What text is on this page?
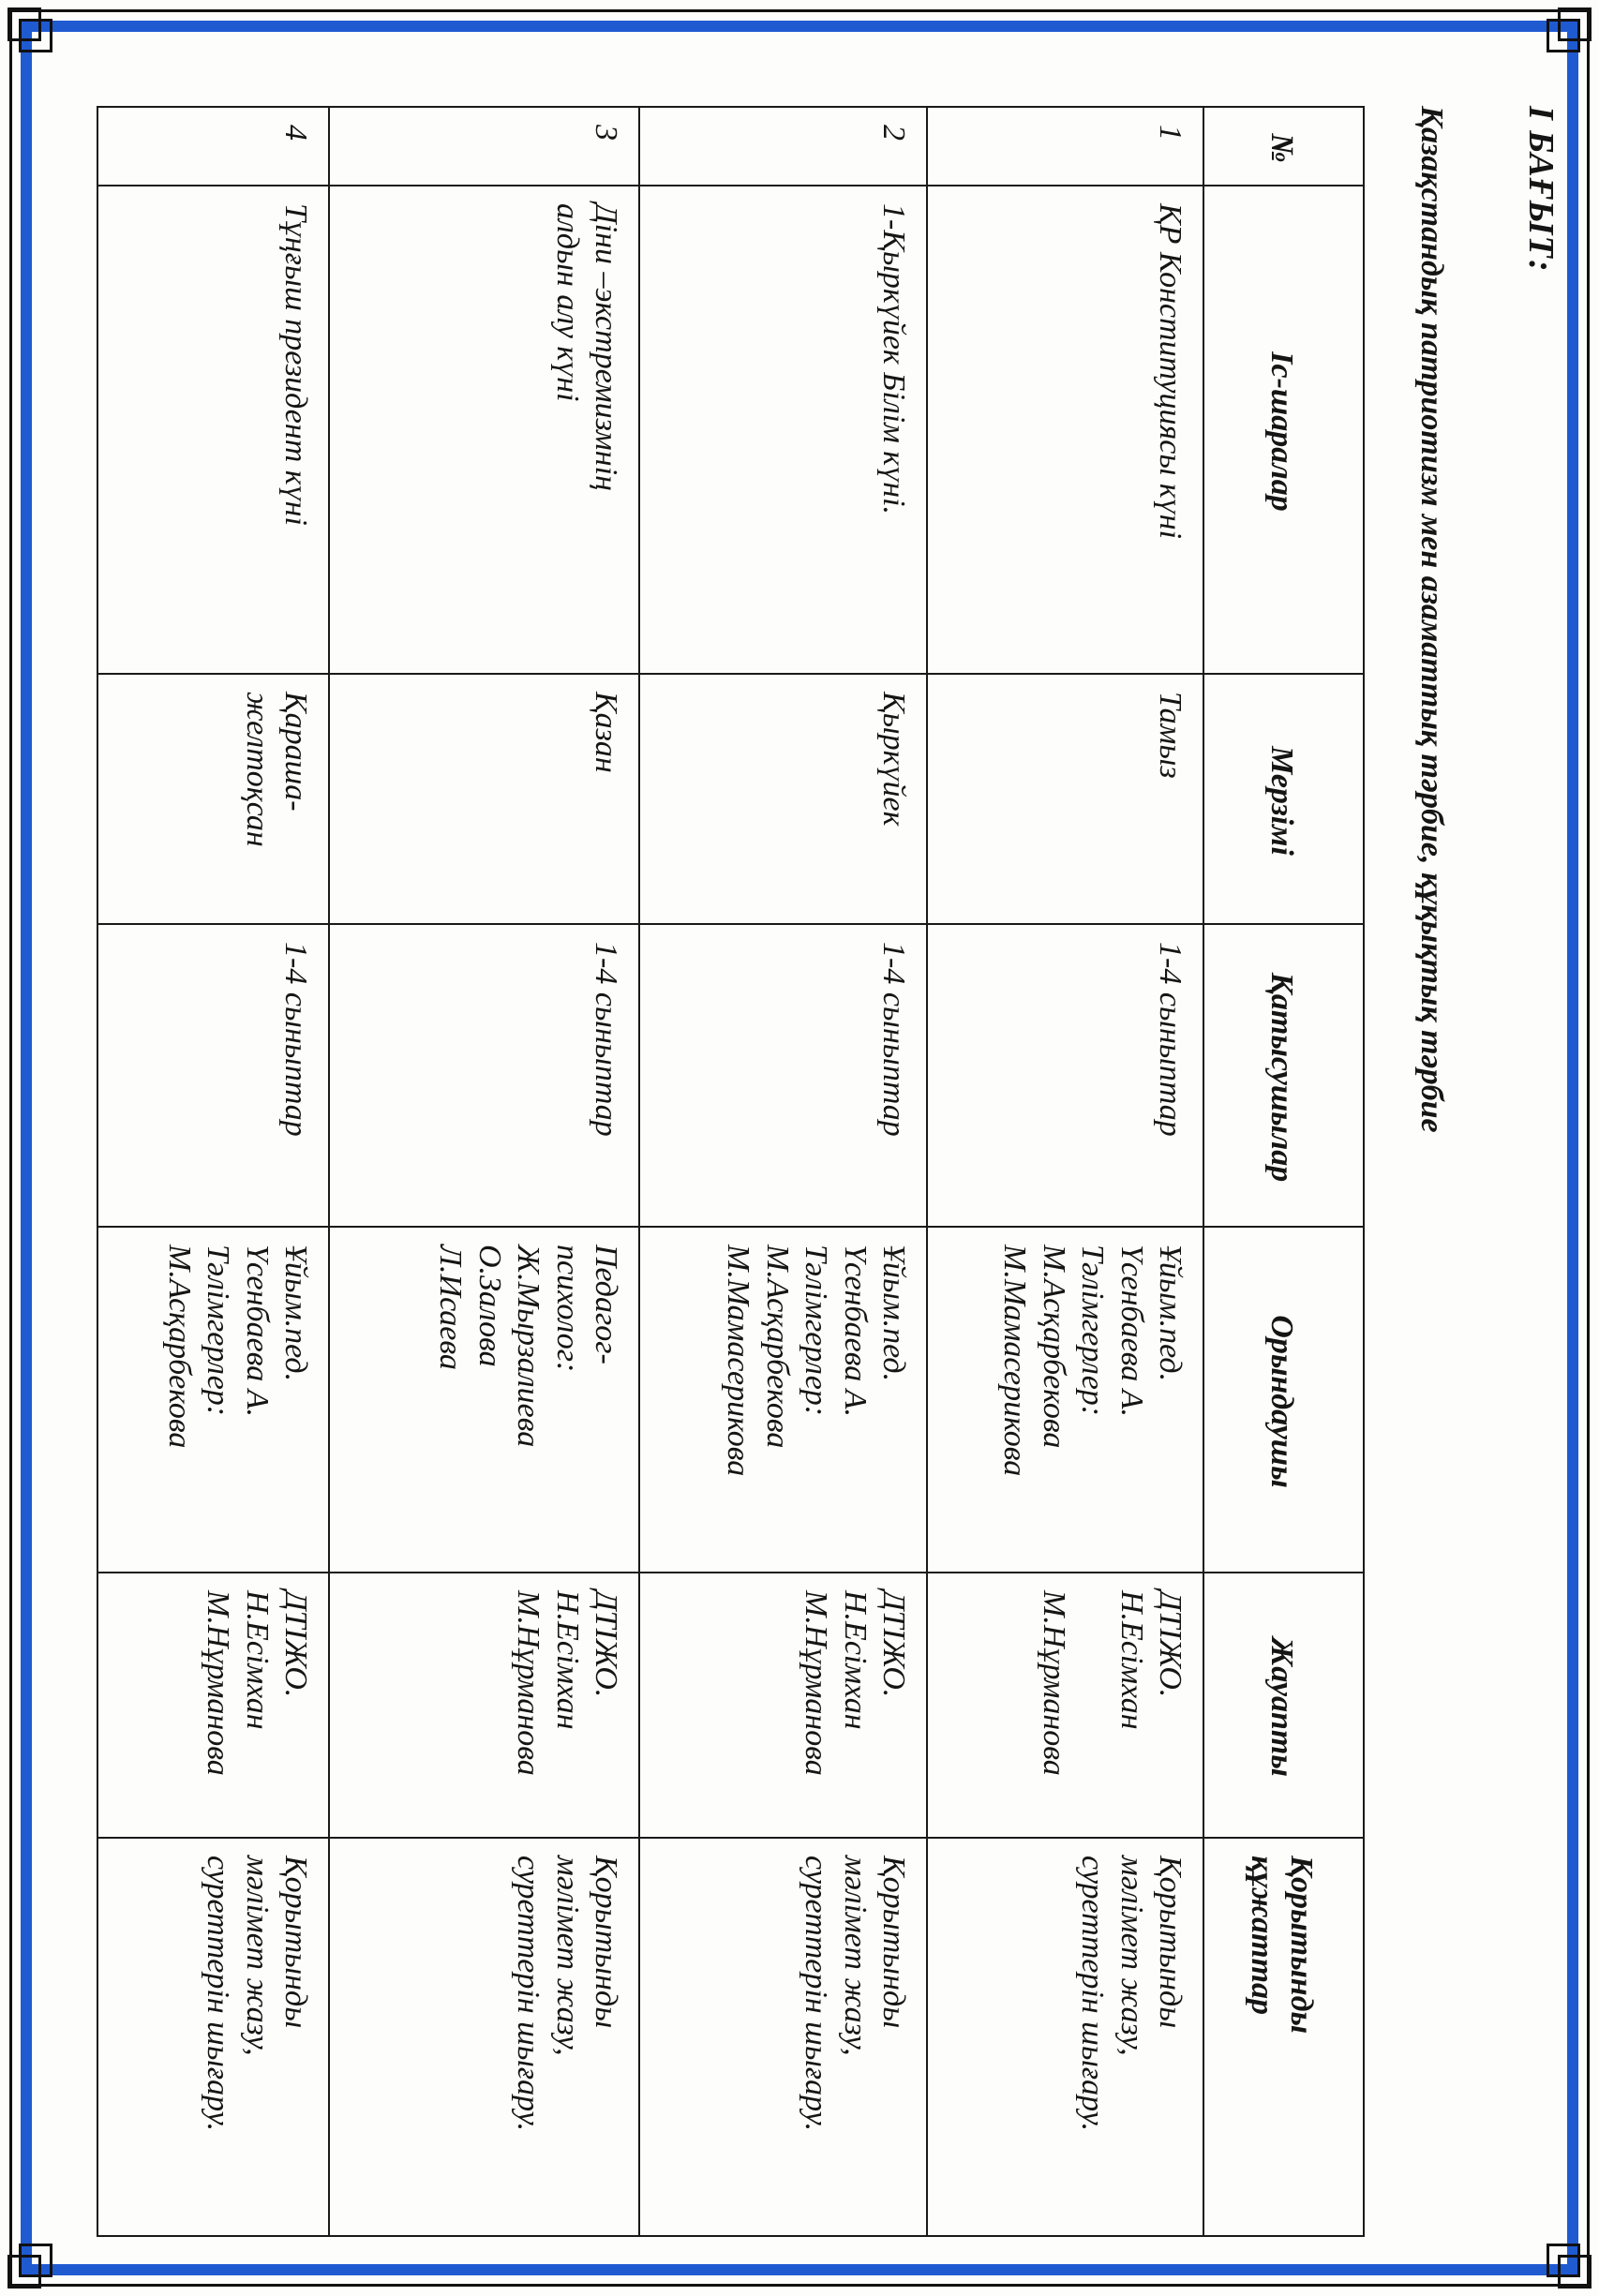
І БАҒЫТ:
Қазақстандық патриотизм мен азаматтық тәрбие, құқықтық тәрбие
№	Іс-шаралар	Мерзімі	Қатысушылар	Орындаушы	Жауапты	Қорытынды
құжаттар

1	ҚР Конституциясы күні	Тамыз	1-4 сыныптар	Ұйым.пед.
Үсенбаева А.
Тәлімгерлер:
М.Асқарбекова
М.Мамасерикова	ДТІЖО.
Н.Есімхан

М.Нұрманова	Қорытынды
мәлімет жазу,
суреттерін шығару.

2	1-Қыркүйек Білім күні.	Қыркүйек	1-4 сыныптар	Ұйым.пед.
Үсенбаева А.
Тәлімгерлер:
М.Асқарбекова
М.Мамасерикова	ДТІЖО.
Н.Есімхан
М.Нұрманова	Қорытынды
мәлімет жазу,
суреттерін шығару.

3	Діни –экстремизмнің
алдын алу күні	Қазан	1-4 сыныптар	Педагог-
психолог:
Ж.Мырзалиева
О.Залова
Л.Исаева	ДТІЖО.
Н.Есімхан
М.Нұрманова	Қорытынды
мәлімет жазу,
суреттерін шығару.

4	Тұңғыш президент күні	Қараша-
желтоқсан	1-4 сыныптар	Ұйым.пед.
Үсенбаева А.
Тәлімгерлер:
М.Асқарбекова	ДТІЖО.
Н.Есімхан
М.Нұрманова	Қорытынды
мәлімет жазу,
суреттерін шығару.
